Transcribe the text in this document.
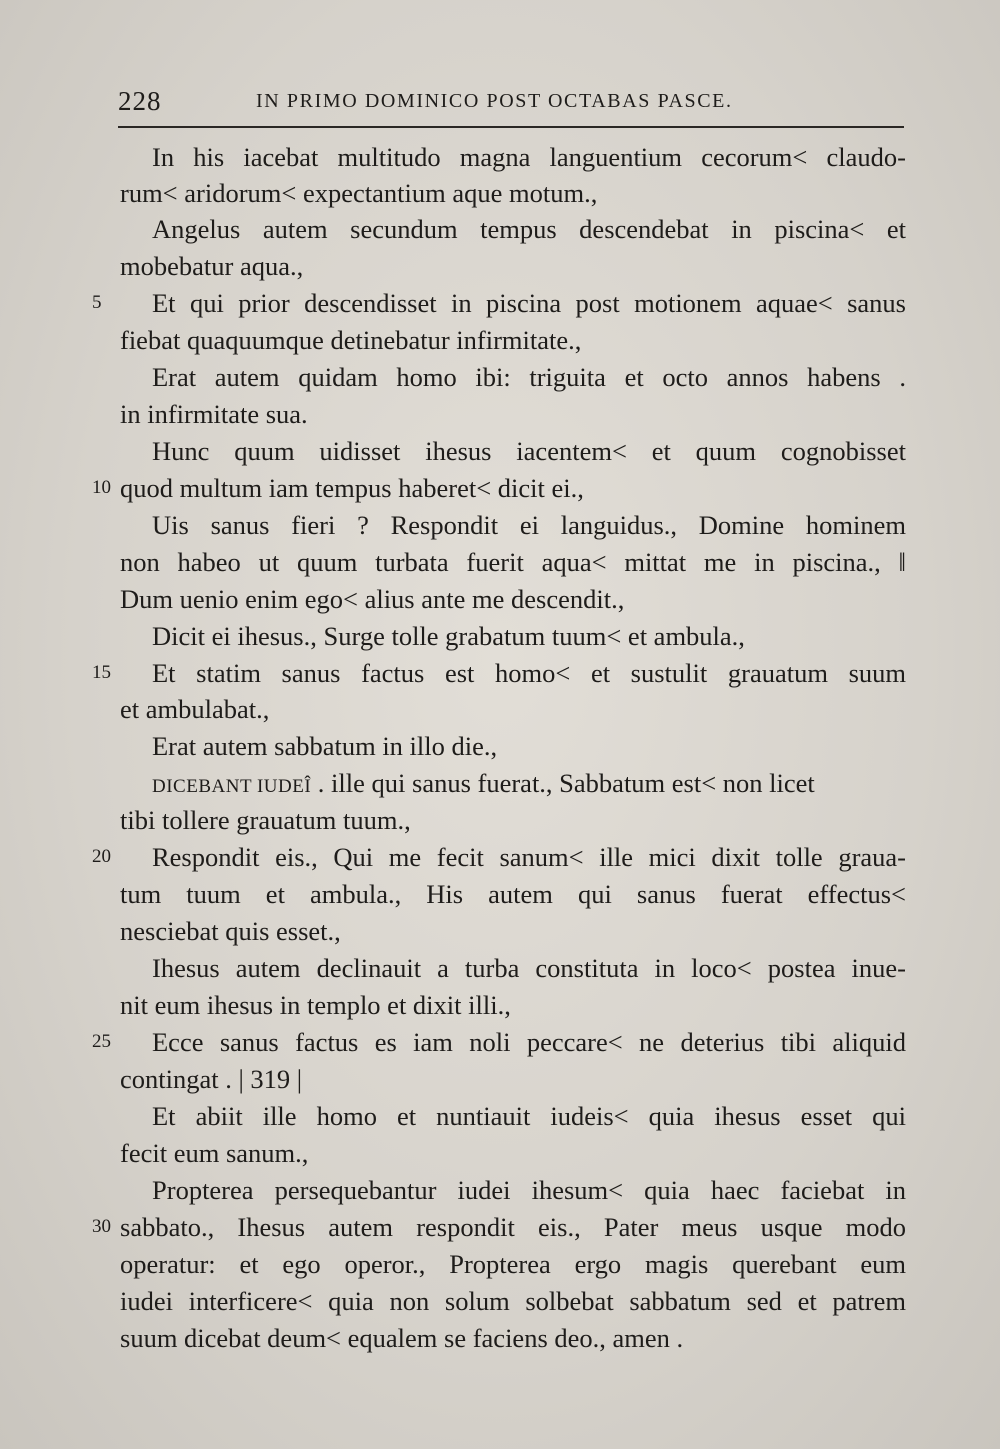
228	IN PRIMO DOMINICO POST OCTABAS PASCE.
In his iacebat multitudo magna languentium cecorum< claudo-
rum< aridorum< expectantium aque motum.,
Angelus autem secundum tempus descendebat in piscina< et
mobebatur aqua.,
5	Et qui prior descendisset in piscina post motionem aquae< sanus
fiebat quaquumque detinebatur infirmitate.,
Erat autem quidam homo ibi: triguita et octo annos habens .
in infirmitate sua.
Hunc quum uidisset ihesus iacentem< et quum cognobisset
10 quod multum iam tempus haberet< dicit ei.,
Uis sanus fieri ? Respondit ei languidus., Domine hominem
non habeo ut quum turbata fuerit aqua< mittat me in piscina., ‖
Dum uenio enim ego< alius ante me descendit.,
Dicit ei ihesus., Surge tolle grabatum tuum< et ambula.,
15	Et statim sanus factus est homo< et sustulit grauatum suum
et ambulabat.,
Erat autem sabbatum in illo die.,
DICEBANT IUDEÎ . ille qui sanus fuerat., Sabbatum est< non licet
tibi tollere grauatum tuum.,
20	Respondit eis., Qui me fecit sanum< ille mici dixit tolle graua-
tum tuum et ambula., His autem qui sanus fuerat effectus<
nesciebat quis esset.,
Ihesus autem declinauit a turba constituta in loco< postea inue-
nit eum ihesus in templo et dixit illi.,
25	Ecce sanus factus es iam noli peccare< ne deterius tibi aliquid
contingat . | 319 |
Et abiit ille homo et nuntiauit iudeis< quia ihesus esset qui
fecit eum sanum.,
Propterea persequebantur iudei ihesum< quia haec faciebat in
30 sabbato., Ihesus autem respondit eis., Pater meus usque modo
operatur: et ego operor., Propterea ergo magis querebant eum
iudei interficere< quia non solum solbebat sabbatum sed et patrem
suum dicebat deum< equalem se faciens deo., amen .
